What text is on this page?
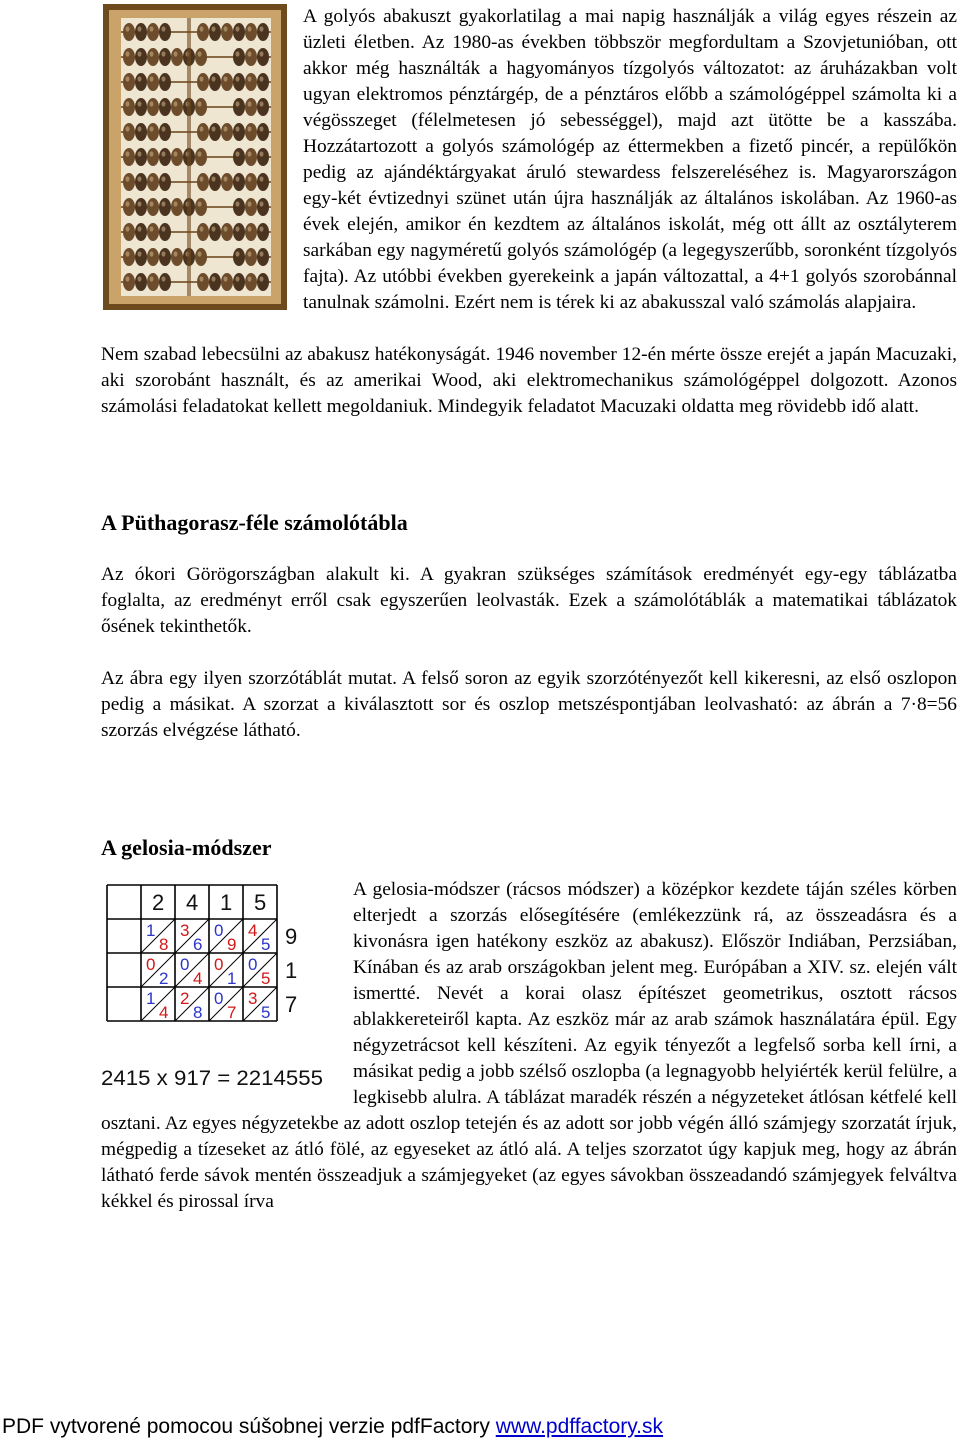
A golyós abakuszt gyakorlatilag a mai napig használják a világ egyes részein az üzleti életben. Az 1980-as években többször megfordultam a Szovjetunióban, ott akkor még használták a hagyományos tízgolyós változatot: az áruházakban volt ugyan elektromos pénztárgép, de a pénztáros előbb a számológéppel számolta ki a végösszeget (félelmetesen jó sebességgel), majd azt ütötte be a kasszába. Hozzátartozott a golyós számológép az éttermekben a fizető pincér, a repülőkön pedig az ajándéktárgyakat áruló stewardess felszereléséhez is. Magyarországon egy-két évtizednyi szünet után újra használják az általános iskolában. Az 1960-as évek elején, amikor én kezdtem az általános iskolát, még ott állt az osztályterem sarkában egy nagyméretű golyós számológép (a legegyszerűbb, soronként tízgolyós fajta). Az utóbbi években gyerekeink a japán változattal, a 4+1 golyós szorobánnal tanulnak számolni. Ezért nem is térek ki az abakusszal való számolás alapjaira.

Nem szabad lebecsülni az abakusz hatékonyságát. 1946 november 12-én mérte össze erejét a japán Macuzaki, aki szorobánt használt, és az amerikai Wood, aki elektromechanikus számológéppel dolgozott. Azonos számolási feladatokat kellett megoldaniuk. Mindegyik feladatot Macuzaki oldatta meg rövidebb idő alatt.

A Püthagorasz-féle számolótábla

Az ókori Görögországban alakult ki. A gyakran szükséges számítások eredményét egy-egy táblázatba foglalta, az eredményt erről csak egyszerűen leolvasták. Ezek a számolótáblák a matematikai táblázatok ősének tekinthetők.

Az ábra egy ilyen szorzótáblát mutat. A felső soron az egyik szorzótényezőt kell kikeresni, az első oszlopon pedig a másikat. A szorzat a kiválasztott sor és oszlop metszéspontjában leolvasható: az ábrán a 7·8=56 szorzás elvégzése látható.

A gelosia-módszer
1
8
3
6
0
9
4
5
0
2
0
4
0
1
0
5
1
4
2
8
0
7
3
5
2 4 1 5
9
1
7
2415 x 917 = 2214555

A gelosia-módszer (rácsos módszer) a középkor kezdete táján széles körben elterjedt a szorzás elősegítésére (emlékezzünk rá, az összeadásra és a kivonásra igen hatékony eszköz az abakusz). Először Indiában, Perzsiában, Kínában és az arab országokban jelent meg. Európában a XIV. sz. elején vált ismertté. Nevét a korai olasz építészet geometrikus, osztott rácsos ablakkereteiről kapta. Az eszköz már az arab számok használatára épül. Egy négyzetrácsot kell készíteni. Az egyik tényezőt a legfelső sorba kell írni, a másikat pedig a jobb szélső oszlopba (a legnagyobb helyiérték kerül felülre, a legkisebb alulra. A táblázat maradék részén a négyzeteket átlósan kétfelé kell osztani. Az egyes négyzetekbe az adott oszlop tetején és az adott sor jobb végén álló számjegy szorzatát írjuk, mégpedig a tízeseket az átló fölé, az egyeseket az átló alá. A teljes szorzatot úgy kapjuk meg, hogy az ábrán látható ferde sávok mentén összeadjuk a számjegyeket (az egyes sávokban összeadandó számjegyek felváltva kékkel és pirossal írva

PDF vytvorené pomocou súšobnej verzie pdfFactory www.pdffactory.sk
